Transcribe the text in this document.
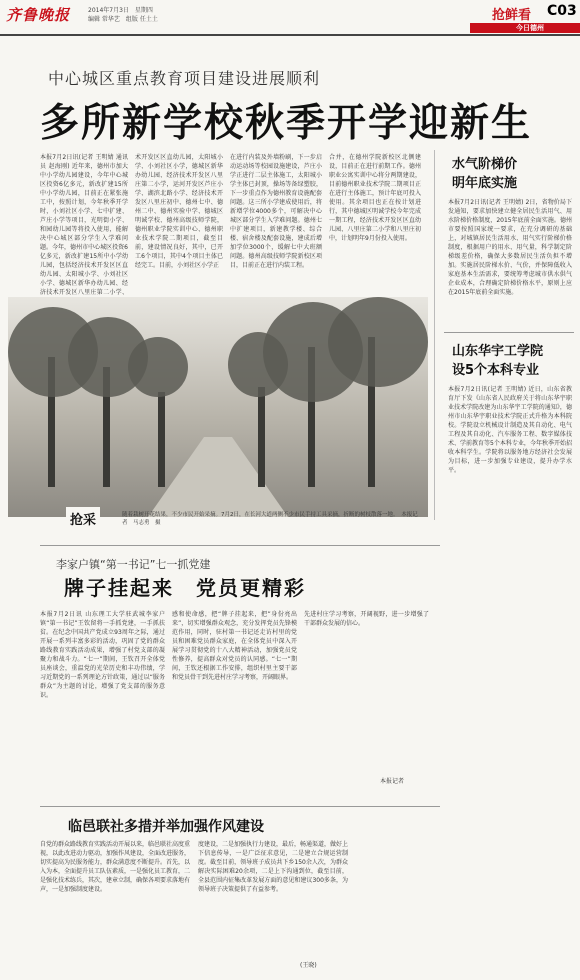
齐鲁晚报	2014年7月3日　星期四
编辑 常华艺　组版 任土土	抢鲜看 C03
今日德州
中心城区重点教育项目建设进展顺利
多所新学校秋季开学迎新生
本报7月2日讯(记者 王明婧 通讯员 赵海刚) 近年来，德州市加大中小学幼儿园建设，今年中心城区投资6亿多元，新改扩建15所中小学幼儿园，目前正在紧张施工中，按照计划，今年秋季开学时，小刘社区小学、七中扩建、芦庄小学等项目，光明街小学、和园幼儿园等将投入使用，能解决中心城区部分学生入学难问题。今年，德州市中心城区投资6亿多元，新改扩建15所中小学幼儿园，包括经济技术开发区区直幼儿园、太阳城小学、小刘社区小学、德城区新华办幼儿园、经济技术开发区八里庄第二小学、
术开发区区直幼儿园，太阳城小学、小刘社区小学，德城区新华办幼儿园、经济技术开发区八里庄第二小学，运河开发区芦庄小学、湖滨北路小学、经济技术开发区八里庄初中、德州七中、德州二中、德州实验中学、德城区明诚学校、德州高级技师学院，德州职业学院实训中心、德州职业技术学院二期项目，截至目前，建设情况良好，其中，已开工6个项目，其中4个项目主体已经完工。目前，小刘社区小学正
在进行内装及外墙粉刷，下一步启动运动场等校园设施建设，芦庄小学正进行二层主体施工，太阳城小学主体已封顶，操场等备绿塑胶，下一步重点作为德州教育设施配套问题。这三所小学建成使用后，将新增学位4000多个，可解决中心城区部分学生入学难问题。德州七中扩建项目，新建教学楼、综合楼、宿舍楼及配套设施，建成后增加学位3000个，缓解七中大班额问题。德州高级技师学院新校区项目，目前正在进行内装工程。
合并，在德州学院新校区北侧建设，目前正在进行前期工作。德州职业公寓实训中心将分两期建设，目前德州职业技术学院二期项目正在进行主体施工，预计年底可投入使用。其余项目也正在按计划进行，其中德城区明诚学校今年完成一期工程，经济技术开发区区直幼儿园、八里庄第二小学和八里庄初中，计划明年9月份投入使用。
抢采	随着栽树开花结果，不少市民开始采摘。7月2日，在长河大道两侧不少市民手持工具采摘，折断的树枝散落一地。　本报记者　马志勇　摄
水气阶梯价
明年底实施
本报7月2日讯(记者 王明婧) 2日，省物价局下发通知，要求加快建立健全居民生活用气、用水阶梯价格制度，2015年底前全面实施。德州市要按照国家统一要求，在充分调研的基础上，对城镇居民生活用水、用气实行阶梯价格制度，根据用户的用水、用气量，科学制定阶梯级差价格，确保大多数居民生活负担不增加。实施居民阶梯水价、气价，并保障低收入家庭基本生活需求，要统筹考虑城市供水供气企业成本，合理确定阶梯价格水平，原则上应在2015年底前全面实施。
山东华宇工学院
设5个本科专业
本报7月2日讯(记者 王明婧) 近日，山东省教育厅下发《山东省人民政府关于将山东华宇职业技术学院改建为山东华宇工学院的通知》，德州市山东华宇职业技术学院正式升格为本科院校。学院设立机械设计制造及其自动化、电气工程及其自动化、汽车服务工程、数字媒体技术、学前教育等5个本科专业，今年秋季开始招收本科学生。学院将以服务地方经济社会发展为目标，进一步加强专业建设，提升办学水平。
李家户镇“第一书记”七一抓党建
牌子挂起来　党员更精彩
本报7月2日讯 山东理工大学驻武城李家户镇“第一书记”王钦留将一手抓党建，一手抓扶贫。在纪念中国共产党成立93周年之际，通过开展一系列丰富多彩的活动，巩固了党的群众路线教育实践活动成果，增强了村党支部的凝聚力和战斗力。“七一”期间，王钦召开全体党员座谈会，重温党的光荣历史和丰功伟绩，学习近期党的一系列理论方针政策，通过以“服务群众”为主题的讨论，增强了党支部的服务意识。
感和使命感，把“牌子挂起来，把”身份亮出来”，切实增强群众观念，充分发挥党员先锋模范作用，同时，驻村第一书记还走访村里的党员和困难党员群众家庭，在全体党员中深入开展学习贯彻党的十八大精神活动，加强党员党性修养，提高群众对党员的认同感。“七一”期间，王钦还根据工作安排，组织村里主要干部和党员骨干到先进村庄学习考察，开阔眼界。
先进村庄学习考察，开阔视野，进一步增强了干部群众发展的信心。
本报记者
临邑联社多措并举加强作风建设
自党的群众路线教育实践活动开展以来，临邑联社高度重视，以此改进动力驱动，加强作风建设，全面改进服务，切实提高为民服务能力，群众满意度不断提升。首先，以入为本，全面提升员工队伍素质，一是强化员工教育，二是强化技术练兵，其次，建章立制，确保各项要求落地有声，一是加强制度建设。
度建设，二是加强执行力建设，最后，畅通渠道，做好上下信息传导，一是广泛征求意见，二是建立合规运营制度。截至目前，领导班子成员共下乡150余人次，为群众解决实际困难20余项，二是上下沟通到位，截至目前，全县范围内征集改革发展方面的意见和建议300多条，为领导班子决策提供了有益参考。
(王晓)
